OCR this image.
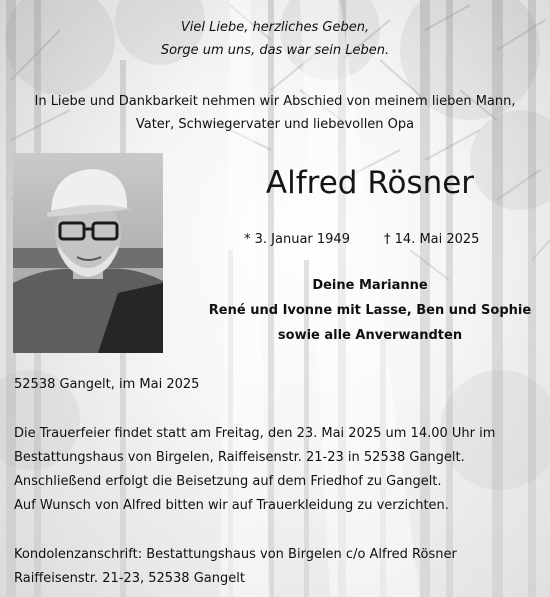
Viel Liebe, herzliches Geben,
Sorge um uns, das war sein Leben.
In Liebe und Dankbarkeit nehmen wir Abschied von meinem lieben Mann,
Vater, Schwiegervater und liebevollen Opa
Alfred Rösner
* 3. Januar 1949	† 14. Mai 2025
Deine Marianne
René und Ivonne mit Lasse, Ben und Sophie
sowie alle Anverwandten
52538 Gangelt, im Mai 2025
Die Trauerfeier findet statt am Freitag, den 23. Mai 2025 um 14.00 Uhr im
Bestattungshaus von Birgelen, Raiffeisenstr. 21-23 in 52538 Gangelt.
Anschließend erfolgt die Beisetzung auf dem Friedhof zu Gangelt.
Auf Wunsch von Alfred bitten wir auf Trauerkleidung zu verzichten.
Kondolenzanschrift: Bestattungshaus von Birgelen c/o Alfred Rösner
Raiffeisenstr. 21-23, 52538 Gangelt
